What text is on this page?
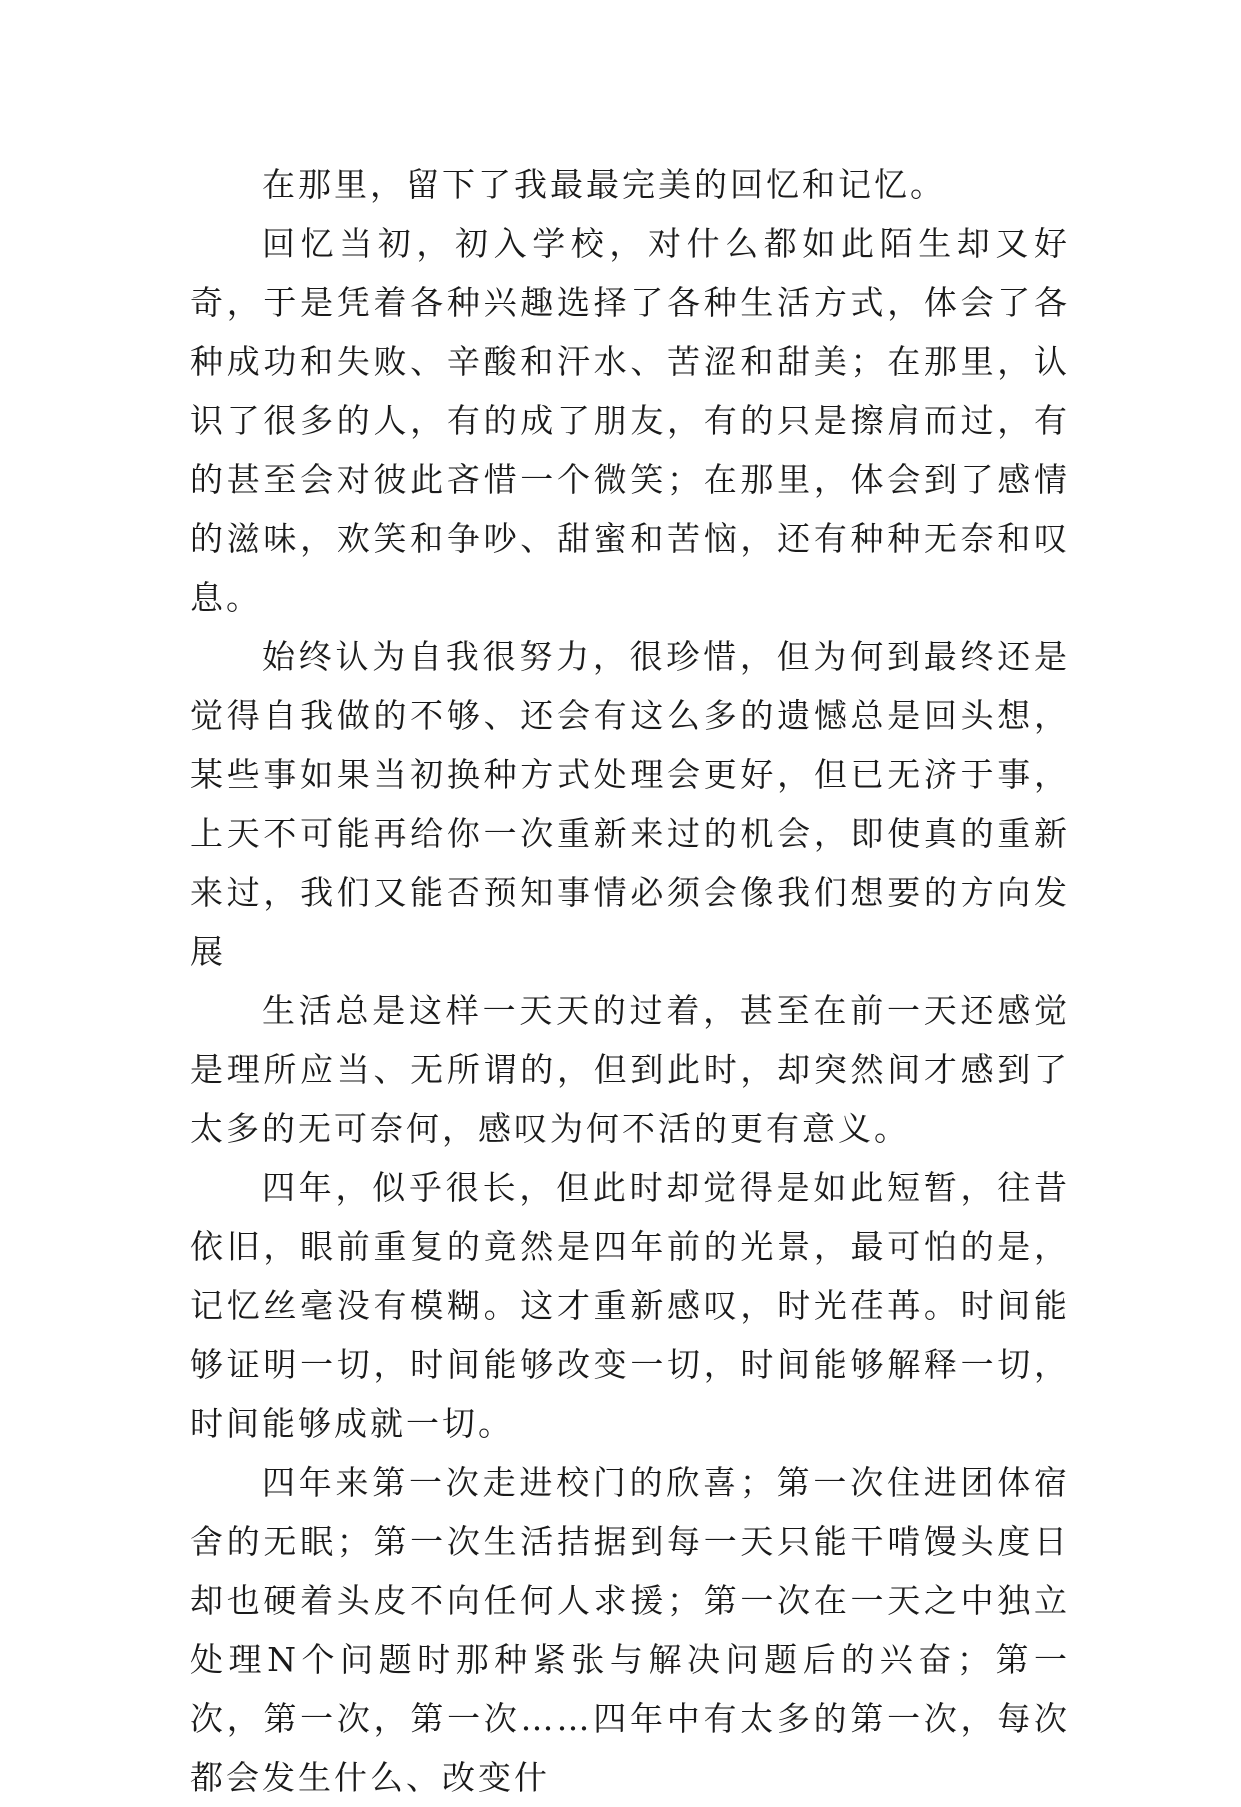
在那里，留下了我最最完美的回忆和记忆。

回忆当初，初入学校，对什么都如此陌生却又好奇，于是凭着各种兴趣选择了各种生活方式，体会了各种成功和失败、辛酸和汗水、苦涩和甜美；在那里，认识了很多的人，有的成了朋友，有的只是擦肩而过，有的甚至会对彼此吝惜一个微笑；在那里，体会到了感情的滋味，欢笑和争吵、甜蜜和苦恼，还有种种无奈和叹息。

始终认为自我很努力，很珍惜，但为何到最终还是觉得自我做的不够、还会有这么多的遗憾总是回头想，某些事如果当初换种方式处理会更好，但已无济于事，上天不可能再给你一次重新来过的机会，即使真的重新来过，我们又能否预知事情必须会像我们想要的方向发展

生活总是这样一天天的过着，甚至在前一天还感觉是理所应当、无所谓的，但到此时，却突然间才感到了太多的无可奈何，感叹为何不活的更有意义。

四年，似乎很长，但此时却觉得是如此短暂，往昔依旧，眼前重复的竟然是四年前的光景，最可怕的是，记忆丝毫没有模糊。这才重新感叹，时光荏苒。时间能够证明一切，时间能够改变一切，时间能够解释一切，时间能够成就一切。

四年来第一次走进校门的欣喜；第一次住进团体宿舍的无眠；第一次生活拮据到每一天只能干啃馒头度日却也硬着头皮不向任何人求援；第一次在一天之中独立处理N个问题时那种紧张与解决问题后的兴奋；第一次，第一次，第一次……四年中有太多的第一次，每次都会发生什么、改变什
